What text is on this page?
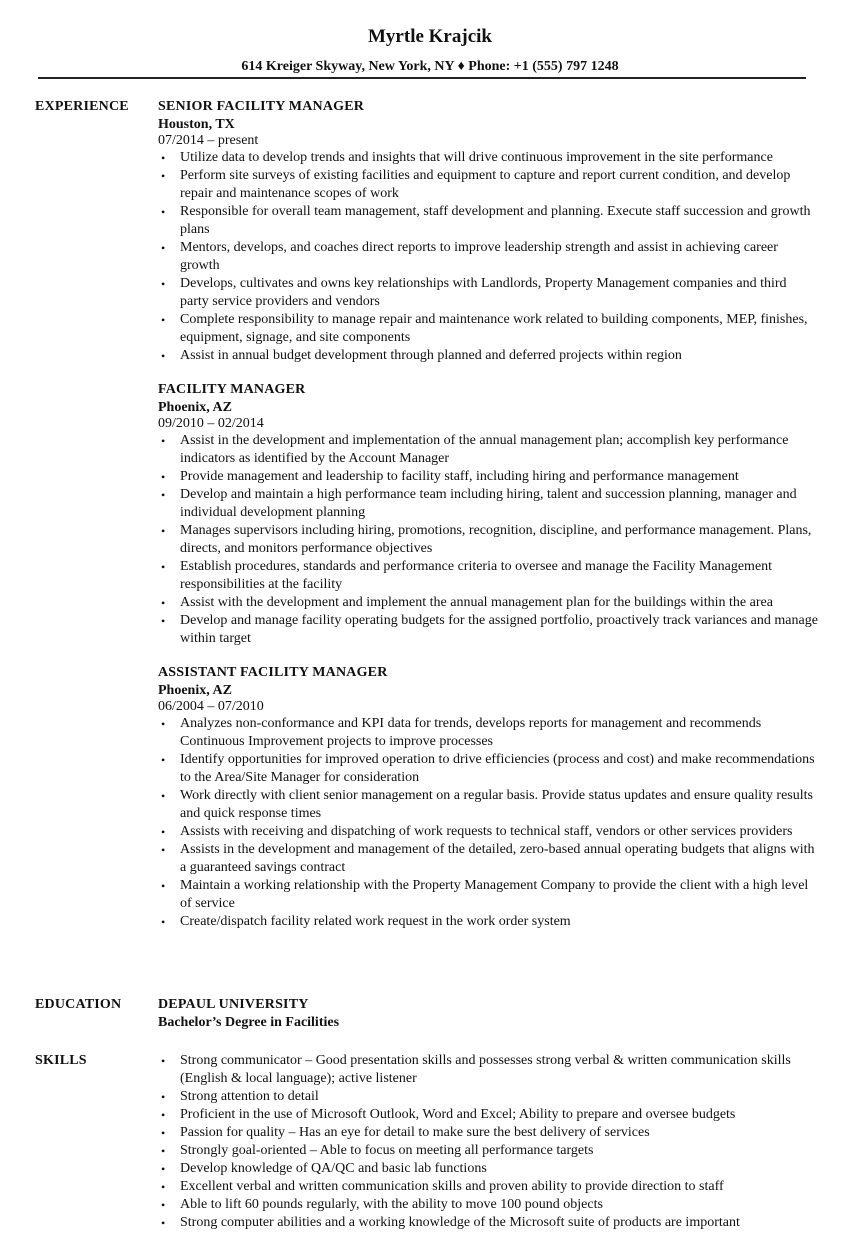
Myrtle Krajcik
614 Kreiger Skyway, New York, NY ♦ Phone: +1 (555) 797 1248
EXPERIENCE SENIOR FACILITY MANAGER
Houston, TX
07/2014 – present
• Utilize data to develop trends and insights that will drive continuous improvement in the site performance
• Perform site surveys of existing facilities and equipment to capture and report current condition, and develop repair and maintenance scopes of work
• Responsible for overall team management, staff development and planning. Execute staff succession and growth plans
• Mentors, develops, and coaches direct reports to improve leadership strength and assist in achieving career growth
• Develops, cultivates and owns key relationships with Landlords, Property Management companies and third party service providers and vendors
• Complete responsibility to manage repair and maintenance work related to building components, MEP, finishes, equipment, signage, and site components
• Assist in annual budget development through planned and deferred projects within region
FACILITY MANAGER
Phoenix, AZ
09/2010 – 02/2014
• Assist in the development and implementation of the annual management plan; accomplish key performance indicators as identified by the Account Manager
• Provide management and leadership to facility staff, including hiring and performance management
• Develop and maintain a high performance team including hiring, talent and succession planning, manager and individual development planning
• Manages supervisors including hiring, promotions, recognition, discipline, and performance management. Plans, directs, and monitors performance objectives
• Establish procedures, standards and performance criteria to oversee and manage the Facility Management responsibilities at the facility
• Assist with the development and implement the annual management plan for the buildings within the area
• Develop and manage facility operating budgets for the assigned portfolio, proactively track variances and manage within target
ASSISTANT FACILITY MANAGER
Phoenix, AZ
06/2004 – 07/2010
• Analyzes non-conformance and KPI data for trends, develops reports for management and recommends Continuous Improvement projects to improve processes
• Identify opportunities for improved operation to drive efficiencies (process and cost) and make recommendations to the Area/Site Manager for consideration
• Work directly with client senior management on a regular basis. Provide status updates and ensure quality results and quick response times
• Assists with receiving and dispatching of work requests to technical staff, vendors or other services providers
• Assists in the development and management of the detailed, zero-based annual operating budgets that aligns with a guaranteed savings contract
• Maintain a working relationship with the Property Management Company to provide the client with a high level of service
• Create/dispatch facility related work request in the work order system
EDUCATION	DEPAUL UNIVERSITY
Bachelor’s Degree in Facilities
SKILLS	• Strong communicator – Good presentation skills and possesses strong verbal & written communication skills (English & local language); active listener
• Strong attention to detail
• Proficient in the use of Microsoft Outlook, Word and Excel; Ability to prepare and oversee budgets
• Passion for quality – Has an eye for detail to make sure the best delivery of services
• Strongly goal-oriented – Able to focus on meeting all performance targets
• Develop knowledge of QA/QC and basic lab functions
• Excellent verbal and written communication skills and proven ability to provide direction to staff
• Able to lift 60 pounds regularly, with the ability to move 100 pound objects
• Strong computer abilities and a working knowledge of the Microsoft suite of products are important
